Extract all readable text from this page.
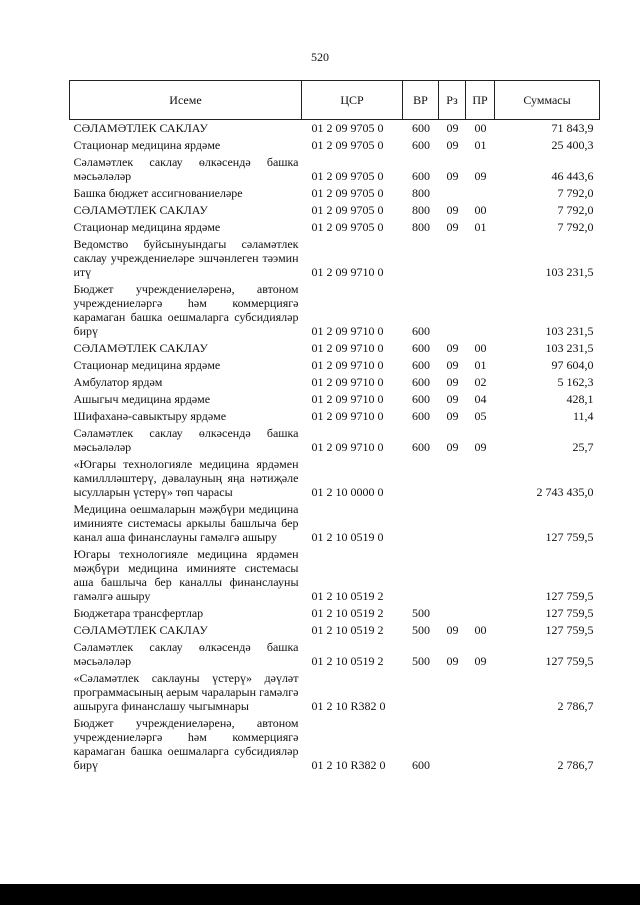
520
Исеме	ЦСР	ВР	Рз	ПР	Суммасы
СӘЛАМӘТЛЕК САКЛАУ	01 2 09 9705 0	600	09	00	71 843,9
Стационар медицина ярдәме	01 2 09 9705 0	600	09	01	25 400,3
Сәламәтлек саклау өлкәсендә башка мәсьәләләр	01 2 09 9705 0	600	09	09	46 443,6
Башка бюджет ассигнованиеләре	01 2 09 9705 0	800			7 792,0
СӘЛАМӘТЛЕК САКЛАУ	01 2 09 9705 0	800	09	00	7 792,0
Стационар медицина ярдәме	01 2 09 9705 0	800	09	01	7 792,0
Ведомство буйсынуындагы сәламәтлек саклау учреждениеләре эшчәнлеген тәэмин итү	01 2 09 9710 0				103 231,5
Бюджет учреждениеләренә, автоном учреждениеләргә һәм коммерциягә карамаган башка оешмаларга субсидияләр бирү	01 2 09 9710 0	600			103 231,5
СӘЛАМӘТЛЕК САКЛАУ	01 2 09 9710 0	600	09	00	103 231,5
Стационар медицина ярдәме	01 2 09 9710 0	600	09	01	97 604,0
Амбулатор ярдәм	01 2 09 9710 0	600	09	02	5 162,3
Ашыгыч медицина ярдәме	01 2 09 9710 0	600	09	04	428,1
Шифаханә-савыктыру ярдәме	01 2 09 9710 0	600	09	05	11,4
Сәламәтлек саклау өлкәсендә башка мәсьәләләр	01 2 09 9710 0	600	09	09	25,7
«Югары технологияле медицина ярдәмен камиллләштерү, дәвалауның яңа нәтиҗәле ысулларын үстерү» төп чарасы	01 2 10 0000 0				2 743 435,0
Медицина оешмаларын мәҗбүри медицина иминияте системасы аркылы башлыча бер канал аша финанслауны гамәлгә ашыру	01 2 10 0519 0				127 759,5
Югары технологияле медицина ярдәмен мәҗбүри медицина иминияте системасы аша башлыча бер каналлы финанслауны гамәлгә ашыру	01 2 10 0519 2				127 759,5
Бюджетара трансфертлар	01 2 10 0519 2	500			127 759,5
СӘЛАМӘТЛЕК САКЛАУ	01 2 10 0519 2	500	09	00	127 759,5
Сәламәтлек саклау өлкәсендә башка мәсьәләләр	01 2 10 0519 2	500	09	09	127 759,5
«Сәламәтлек саклауны үстерү» дәүләт программасының аерым чараларын гамәлгә ашыруга финанслашу чыгымнары	01 2 10 R382 0				2 786,7
Бюджет учреждениеләренә, автоном учреждениеләргә һәм коммерциягә карамаган башка оешмаларга субсидияләр бирү	01 2 10 R382 0	600			2 786,7
